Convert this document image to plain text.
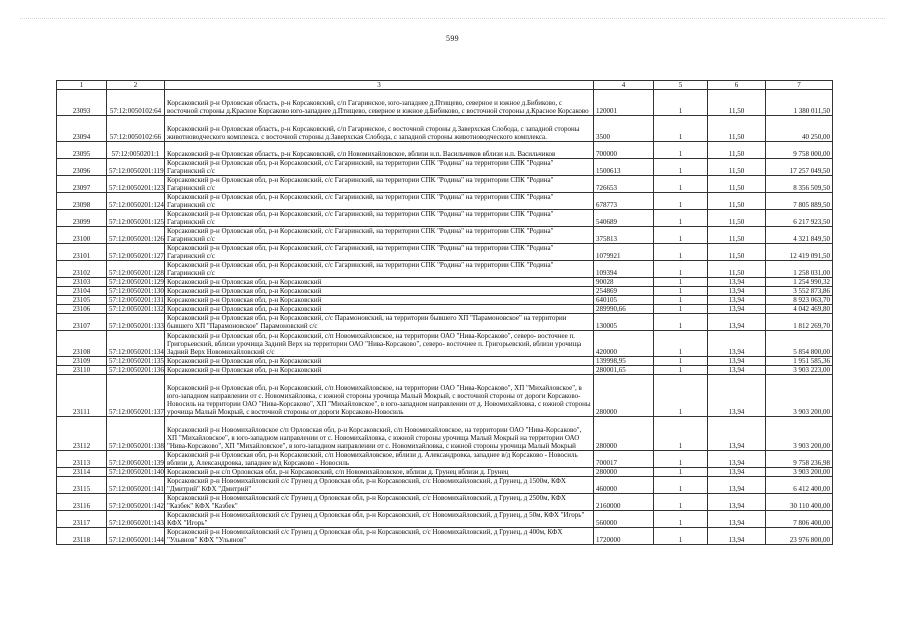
599
1	2	3	4	5	6	7
23093	57:12:0050102:64	Корсаковский р-н Орловская область, р-н Корсаковский, с/п Гагаринское, юго-западнее д.Птищево, северное и южное д.Бибиково, с восточной стороны д.Красное Корсаково юго-западнее д.Птищево, северное и южное д.Бибиково, с восточной стороны д.Красное Корсаково	120001	1	11,50	1 380 011,50
23094	57:12:0050102:66	Корсаковский р-н Орловская область, р-н Корсаковский, с/п Гагаринское, с восточной стороны д.Заверхская Слобода, с западной стороны животноводческого комплекса. с восточной стороны д.Заверхская Слобода, с западной стороны животноводческого комплекса.	3500	1	11,50	40 250,00
23095	57:12:0050201:1	Корсаковский р-н Орловская область, р-н Корсаковский, с/п Новомихайловское, вблизи н.п. Васильчиков вблизи н.п. Васильчиков	700000	1	11,50	9 758 000,00
23096	57:12:0050201:119	Корсаковский р-н Орловская обл, р-н Корсаковский, с/с Гагаринский, на территории СПК "Родина" на территории СПК "Родина" Гагаринский с/с	1500613	1	11,50	17 257 049,50
23097	57:12:0050201:123	Корсаковский р-н Орловская обл, р-н Корсаковский, с/с Гагаринский, на территории СПК "Родина" на территории СПК "Родина" Гагаринский с/с	726653	1	11,50	8 356 509,50
23098	57:12:0050201:124	Корсаковский р-н Орловская обл, р-н Корсаковский, с/с Гагаринский, на территории СПК "Родина" на территории СПК "Родина" Гагаринский с/с	678773	1	11,50	7 805 889,50
23099	57:12:0050201:125	Корсаковский р-н Орловская обл, р-н Корсаковский, с/с Гагаринский, на территории СПК "Родина" на территории СПК "Родина" Гагаринский с/с	540689	1	11,50	6 217 923,50
23100	57:12:0050201:126	Корсаковский р-н Орловская обл, р-н Корсаковский, с/с Гагаринский, на территории СПК "Родина" на территории СПК "Родина" Гагаринский с/с	375813	1	11,50	4 321 849,50
23101	57:12:0050201:127	Корсаковский р-н Орловская обл, р-н Корсаковский, с/с Гагаринский, на территории СПК "Родина" на территории СПК "Родина" Гагаринский с/с	1079921	1	11,50	12 419 091,50
23102	57:12:0050201:128	Корсаковский р-н Орловская обл, р-н Корсаковский, с/с Гагаринский, на территории СПК "Родина" на территории СПК "Родина" Гагаринский с/с	109394	1	11,50	1 258 031,00
23103	57:12:0050201:129	Корсаковский р-н Орловская обл, р-н Корсаковский	90028	1	13,94	1 254 990,32
23104	57:12:0050201:130	Корсаковский р-н Орловская обл, р-н Корсаковский	254869	1	13,94	3 552 873,86
23105	57:12:0050201:131	Корсаковский р-н Орловская обл, р-н Корсаковский	640105	1	13,94	8 923 063,70
23106	57:12:0050201:132	Корсаковский р-н Орловская обл, р-н Корсаковский	289990,66	1	13,94	4 042 469,80
23107	57:12:0050201:133	Корсаковский р-н Орловская обл, р-н Корсаковский, с/с Парамоновский, на территории бывшего ХП "Парамоновское" на территории бывшего ХП "Парамоновское" Парамоновский с/с	130005	1	13,94	1 812 269,70
23108	57:12:0050201:134	Корсаковский р-н Орловская обл, р-н Корсаковский, с/п Новомихайловское, на территории ОАО "Нива-Корсаково", северо- восточнее п. Григорьевский, вблизи урочища Задний Верх на территории ОАО "Нива-Корсаково", северо- восточнее п. Григорьевский, вблизи урочища Задний Верх Новомихайловский с/с	420000	1	13,94	5 854 800,00
23109	57:12:0050201:135	Корсаковский р-н Орловская обл, р-н Корсаковский	139998,95	1	13,94	1 951 585,36
23110	57:12:0050201:136	Корсаковский р-н Орловская обл, р-н Корсаковский	280001,65	1	13,94	3 903 223,00
23111	57:12:0050201:137	Корсаковский р-н Орловская обл, р-н Корсаковский, с/п Новомихайловское, на территории ОАО "Нива-Корсаково", ХП "Михайловское", в юго-западном направлении от с. Новомихайловка, с южной стороны урочища Малый Мокрый, с восточной стороны от дороги Корсаково-Новосиль на территории ОАО "Нива-Корсаково", ХП "Михайловское", в юго-западном направлении от д. Новомихайловка, с южной стороны урочища Малый Мокрый, с восточной стороны от дороги Корсаково-Новосиль	280000	1	13,94	3 903 200,00
23112	57:12:0050201:138	Корсаковский р-н Новомихайловское с/п Орловская обл, р-н Корсаковский, с/п Новомихайловское, на территории ОАО "Нива-Корсаково", ХП "Михайловское", в юго-западном направлении от с. Новомихайловка, с южной стороны урочища Малый Мокрый на территории ОАО "Нива-Корсаково", ХП "Михайловское", в юго-западном направлении от с. Новомихайловка, с южной стороны урочища Малый Мокрый	280000	1	13,94	3 903 200,00
23113	57:12:0050201:139	Корсаковский р-н Орловская обл, р-н Корсаковский, с/п Новомихайловское, вблизи д. Александровка, западнее в/д Корсаково - Новосиль вблизи д. Александровка, западнее в/д Корсаково - Новосиль	700017	1	13,94	9 758 236,98
23114	57:12:0050201:140	Корсаковский р-н с/п Орловская обл, р-н Корсаковский, с/п Новомихайловское, вблизи д. Грунец вблизи д. Грунец	280000	1	13,94	3 903 200,00
23115	57:12:0050201:141	Корсаковский р-н Новомихайловский с/с Грунец д Орловская обл, р-н Корсаковский, с/с Новомихайловский, д Грунец, д 1500м, КФХ "Дмитрий" КФХ "Дмитрий"	460000	1	13,94	6 412 400,00
23116	57:12:0050201:142	Корсаковский р-н Новомихайловский с/с Грунец д Орловская обл, р-н Корсаковский, с/с Новомихайловский, д Грунец, д 2500м, КФХ "Казбек" КФХ "Казбек"	2160000	1	13,94	30 110 400,00
23117	57:12:0050201:143	Корсаковский р-н Новомихайловский с/с Грунец д Орловская обл, р-н Корсаковский, с/с Новомихайловский, д Грунец, д 50м, КФХ "Игорь" КФХ "Игорь"	560000	1	13,94	7 806 400,00
23118	57:12:0050201:144	Корсаковский р-н Новомихайловский с/с Грунец д Орловская обл, р-н Корсаковский, с/с Новомихайловский, д Грунец, д 400м, КФХ "Ульянов" КФХ "Ульянов"	1720000	1	13,94	23 976 800,00
